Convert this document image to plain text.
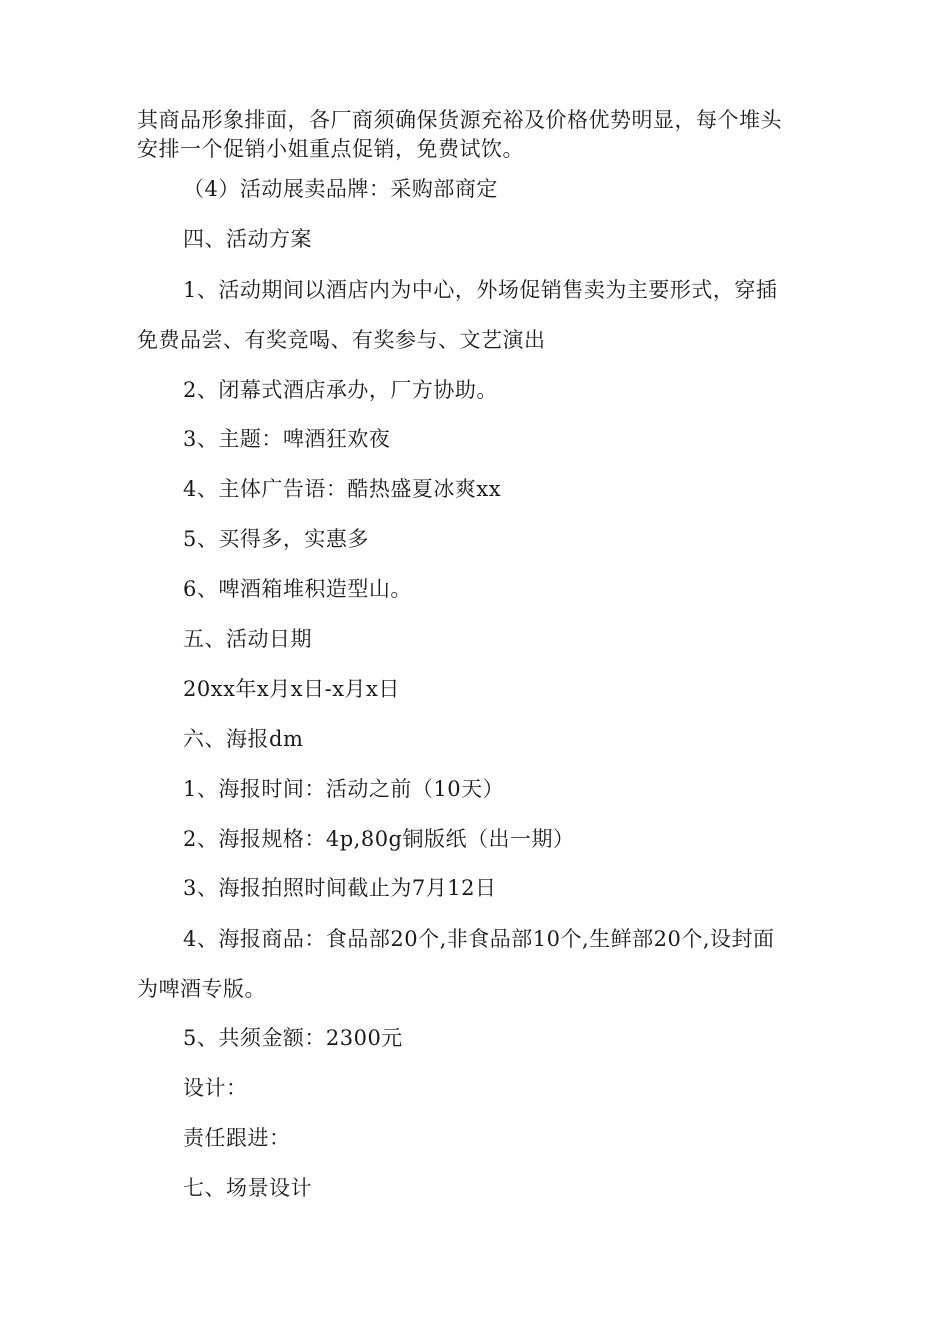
其商品形象排面，各厂商须确保货源充裕及价格优势明显，每个堆头
安排一个促销小姐重点促销，免费试饮。
（4）活动展卖品牌：采购部商定
四、活动方案
1、活动期间以酒店内为中心，外场促销售卖为主要形式，穿插
免费品尝、有奖竞喝、有奖参与、文艺演出
2、闭幕式酒店承办，厂方协助。
3、主题：啤酒狂欢夜
4、主体广告语：酷热盛夏冰爽xx
5、买得多，实惠多
6、啤酒箱堆积造型山。
五、活动日期
20xx年x月x日-x月x日
六、海报dm
1、海报时间：活动之前（10天）
2、海报规格：4p,80g铜版纸（出一期）
3、海报拍照时间截止为7月12日
4、海报商品：食品部20个,非食品部10个,生鲜部20个,设封面
为啤酒专版。
5、共须金额：2300元
设计：
责任跟进：
七、场景设计
